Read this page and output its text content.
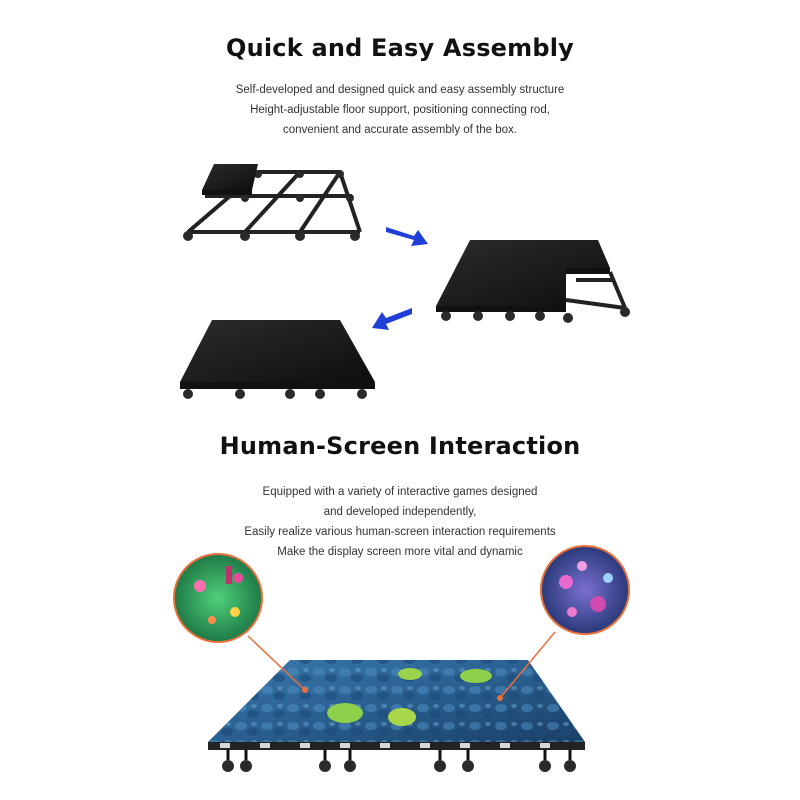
Quick and Easy Assembly
Self-developed and designed quick and easy assembly structure
Height-adjustable floor support, positioning connecting rod,
convenient and accurate assembly of the box.
Human-Screen Interaction
Equipped with a variety of interactive games designed
and developed independently,
Easily realize various human-screen interaction requirements
Make the display screen more vital and dynamic
